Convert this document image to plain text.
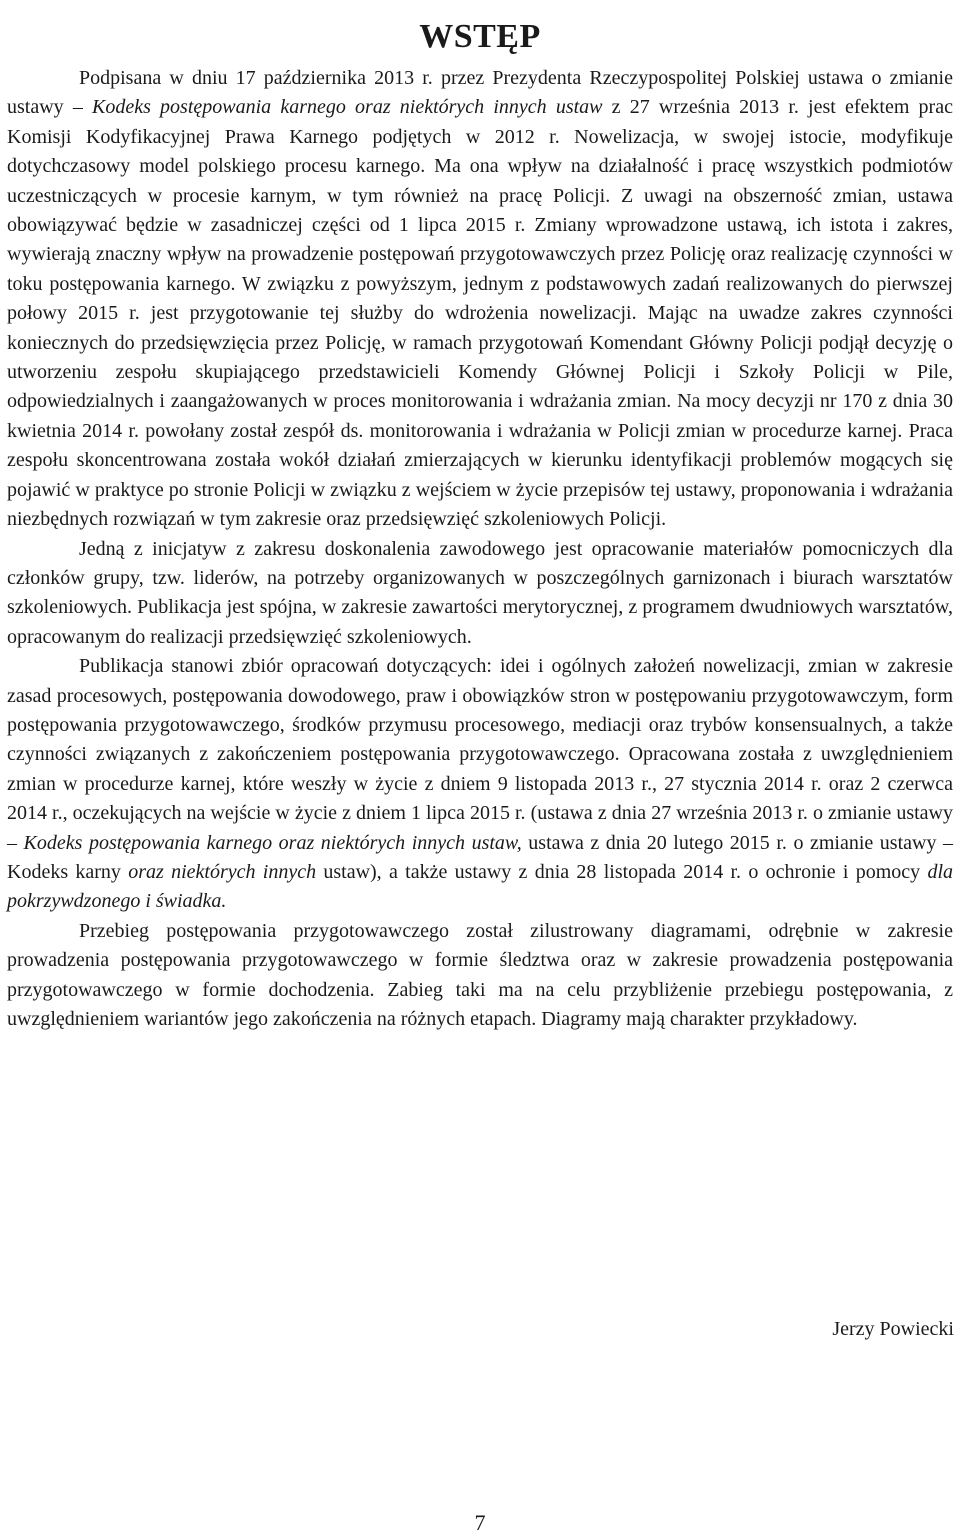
WSTĘP

Podpisana w dniu 17 października 2013 r. przez Prezydenta Rzeczypospolitej Polskiej ustawa o zmianie ustawy – Kodeks postępowania karnego oraz niektórych innych ustaw z 27 września 2013 r. jest efektem prac Komisji Kodyfikacyjnej Prawa Karnego podjętych w 2012 r. Nowelizacja, w swojej istocie, modyfikuje dotychczasowy model polskiego procesu karnego. Ma ona wpływ na działalność i pracę wszystkich podmiotów uczestniczących w procesie karnym, w tym również na pracę Policji. Z uwagi na obszerność zmian, ustawa obowiązywać będzie w zasadniczej części od 1 lipca 2015 r. Zmiany wprowadzone ustawą, ich istota i zakres, wywierają znaczny wpływ na prowadzenie postępowań przygotowawczych przez Policję oraz realizację czynności w toku postępowania karnego. W związku z powyższym, jednym z podstawowych zadań realizowanych do pierwszej połowy 2015 r. jest przygotowanie tej służby do wdrożenia nowelizacji. Mając na uwadze zakres czynności koniecznych do przedsięwzięcia przez Policję, w ramach przygotowań Komendant Główny Policji podjął decyzję o utworzeniu zespołu skupiającego przedstawicieli Komendy Głównej Policji i Szkoły Policji w Pile, odpowiedzialnych i zaangażowanych w proces monitorowania i wdrażania zmian. Na mocy decyzji nr 170 z dnia 30 kwietnia 2014 r. powołany został zespół ds. monitorowania i wdrażania w Policji zmian w procedurze karnej. Praca zespołu skoncentrowana została wokół działań zmierzających w kierunku identyfikacji problemów mogących się pojawić w praktyce po stronie Policji w związku z wejściem w życie przepisów tej ustawy, proponowania i wdrażania niezbędnych rozwiązań w tym zakresie oraz przedsięwzięć szkoleniowych Policji.

Jedną z inicjatyw z zakresu doskonalenia zawodowego jest opracowanie materiałów pomocniczych dla członków grupy, tzw. liderów, na potrzeby organizowanych w poszczególnych garnizonach i biurach warsztatów szkoleniowych. Publikacja jest spójna, w zakresie zawartości merytorycznej, z programem dwudniowych warsztatów, opracowanym do realizacji przedsięwzięć szkoleniowych.

Publikacja stanowi zbiór opracowań dotyczących: idei i ogólnych założeń nowelizacji, zmian w zakresie zasad procesowych, postępowania dowodowego, praw i obowiązków stron w postępowaniu przygotowawczym, form postępowania przygotowawczego, środków przymusu procesowego, mediacji oraz trybów konsensualnych, a także czynności związanych z zakończeniem postępowania przygotowawczego. Opracowana została z uwzględnieniem zmian w procedurze karnej, które weszły w życie z dniem 9 listopada 2013 r., 27 stycznia 2014 r. oraz 2 czerwca 2014 r., oczekujących na wejście w życie z dniem 1 lipca 2015 r. (ustawa z dnia 27 września 2013 r. o zmianie ustawy – Kodeks postępowania karnego oraz niektórych innych ustaw, ustawa z dnia 20 lutego 2015 r. o zmianie ustawy – Kodeks karny oraz niektórych innych ustaw), a także ustawy z dnia 28 listopada 2014 r. o ochronie i pomocy dla pokrzywdzonego i świadka.

Przebieg postępowania przygotowawczego został zilustrowany diagramami, odrębnie w zakresie prowadzenia postępowania przygotowawczego w formie śledztwa oraz w zakresie prowadzenia postępowania przygotowawczego w formie dochodzenia. Zabieg taki ma na celu przybliżenie przebiegu postępowania, z uwzględnieniem wariantów jego zakończenia na różnych etapach. Diagramy mają charakter przykładowy.

Jerzy Powiecki
7
